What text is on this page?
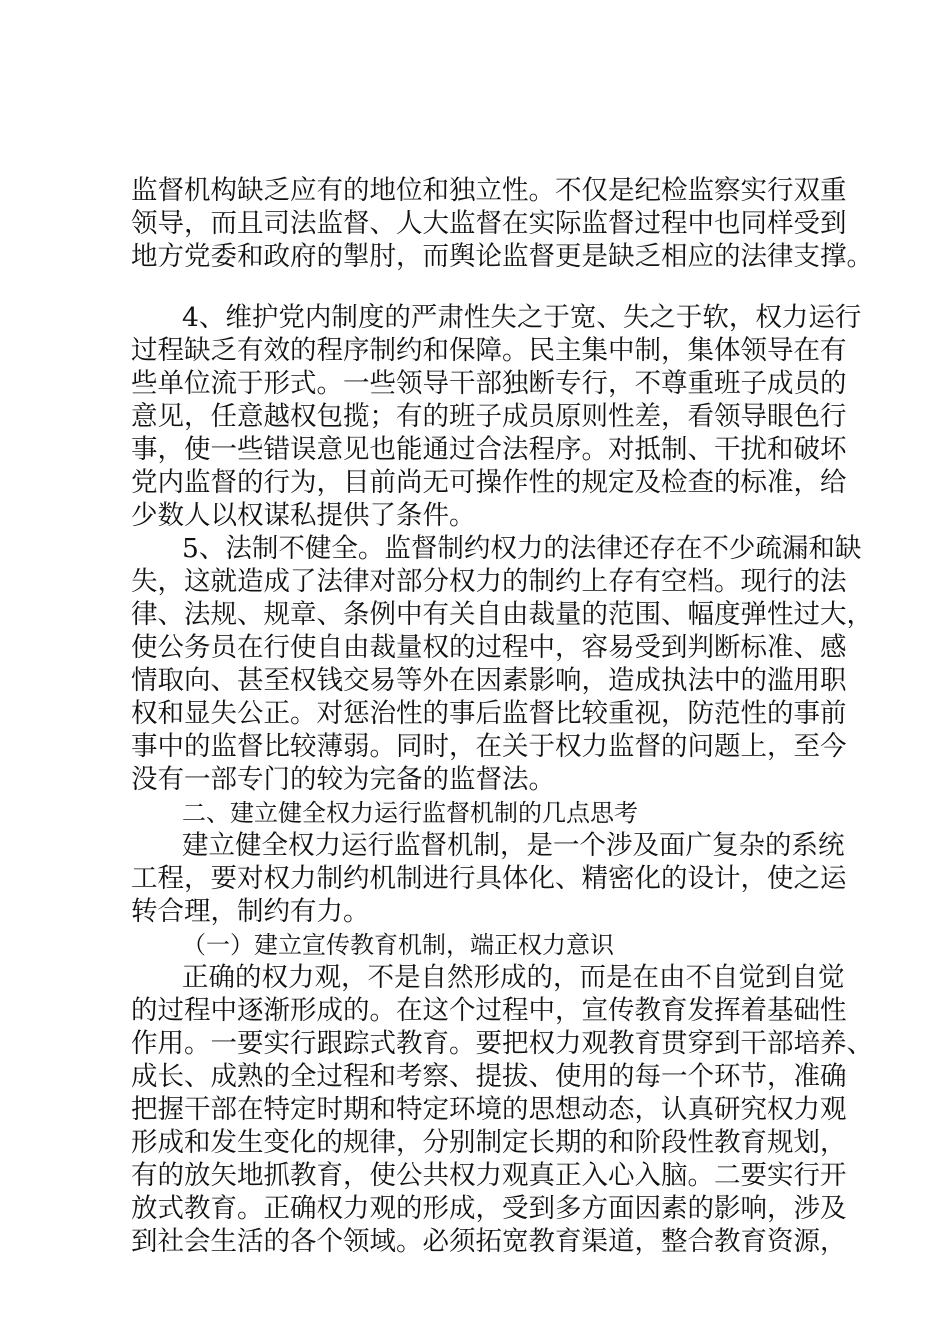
监督机构缺乏应有的地位和独立性。不仅是纪检监察实行双重
领导，而且司法监督、人大监督在实际监督过程中也同样受到
地方党委和政府的掣肘，而舆论监督更是缺乏相应的法律支撑。
4、维护党内制度的严肃性失之于宽、失之于软，权力运行
过程缺乏有效的程序制约和保障。民主集中制，集体领导在有
些单位流于形式。一些领导干部独断专行，不尊重班子成员的
意见，任意越权包揽；有的班子成员原则性差，看领导眼色行
事，使一些错误意见也能通过合法程序。对抵制、干扰和破坏
党内监督的行为，目前尚无可操作性的规定及检查的标准，给
少数人以权谋私提供了条件。
5、法制不健全。监督制约权力的法律还存在不少疏漏和缺
失，这就造成了法律对部分权力的制约上存有空档。现行的法
律、法规、规章、条例中有关自由裁量的范围、幅度弹性过大，
使公务员在行使自由裁量权的过程中，容易受到判断标准、感
情取向、甚至权钱交易等外在因素影响，造成执法中的滥用职
权和显失公正。对惩治性的事后监督比较重视，防范性的事前
事中的监督比较薄弱。同时，在关于权力监督的问题上，至今
没有一部专门的较为完备的监督法。
二、建立健全权力运行监督机制的几点思考
建立健全权力运行监督机制，是一个涉及面广复杂的系统
工程，要对权力制约机制进行具体化、精密化的设计，使之运
转合理，制约有力。
（一）建立宣传教育机制，端正权力意识
正确的权力观，不是自然形成的，而是在由不自觉到自觉
的过程中逐渐形成的。在这个过程中，宣传教育发挥着基础性
作用。一要实行跟踪式教育。要把权力观教育贯穿到干部培养、
成长、成熟的全过程和考察、提拔、使用的每一个环节，准确
把握干部在特定时期和特定环境的思想动态，认真研究权力观
形成和发生变化的规律，分别制定长期的和阶段性教育规划，
有的放矢地抓教育，使公共权力观真正入心入脑。二要实行开
放式教育。正确权力观的形成，受到多方面因素的影响，涉及
到社会生活的各个领域。必须拓宽教育渠道，整合教育资源，
